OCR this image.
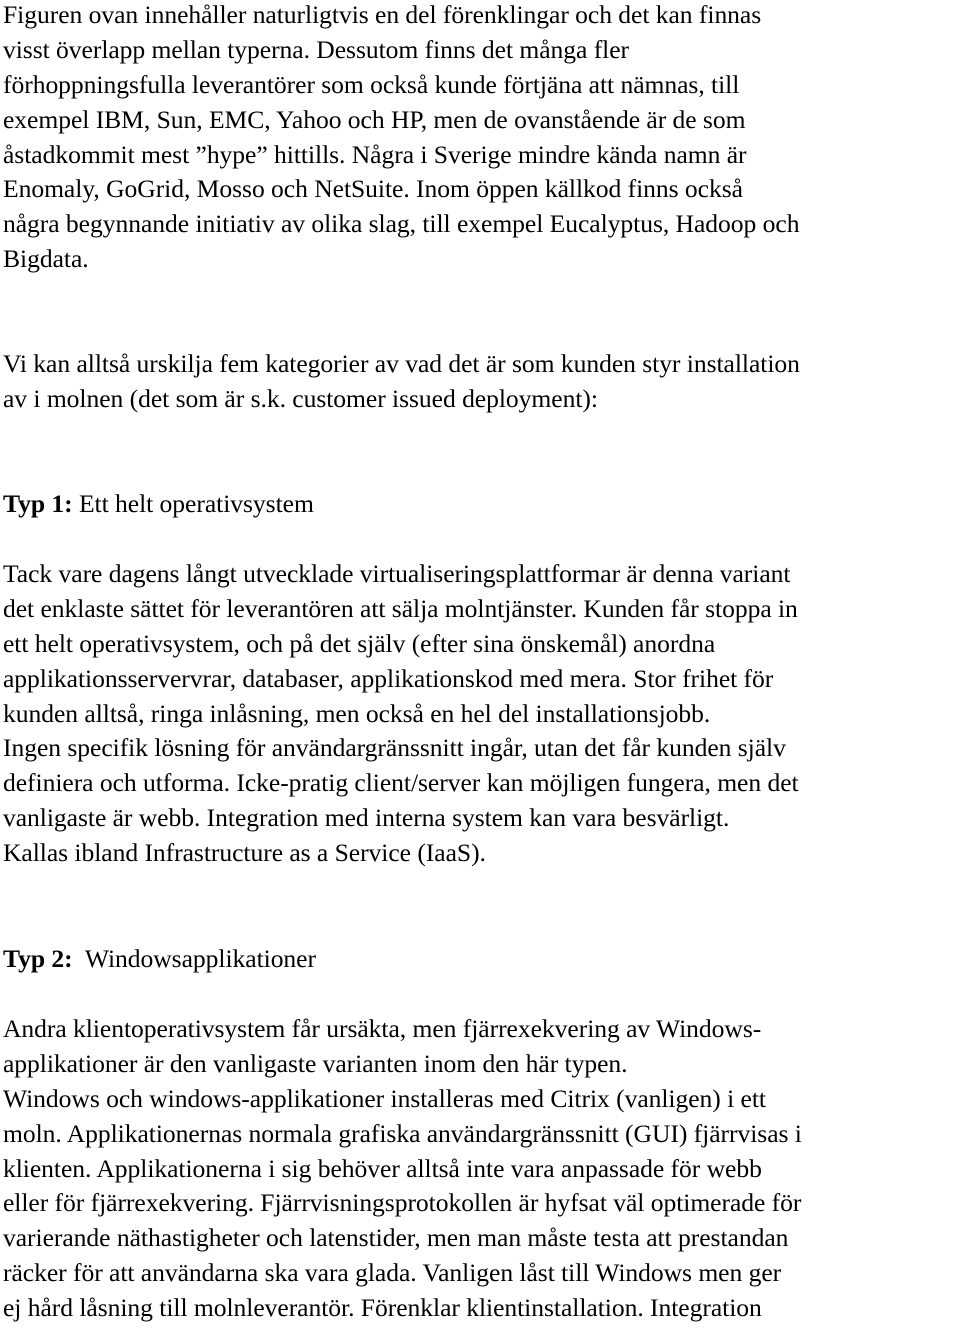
Figuren ovan innehåller naturligtvis en del förenklingar och det kan finnas
visst överlapp mellan typerna. Dessutom finns det många fler
förhoppningsfulla leverantörer som också kunde förtjäna att nämnas, till
exempel IBM, Sun, EMC, Yahoo och HP, men de ovanstående är de som
åstadkommit mest ”hype” hittills. Några i Sverige mindre kända namn är
Enomaly, GoGrid, Mosso och NetSuite. Inom öppen källkod finns också
några begynnande initiativ av olika slag, till exempel Eucalyptus, Hadoop och
Bigdata.
Vi kan alltså urskilja fem kategorier av vad det är som kunden styr installation
av i molnen (det som är s.k. customer issued deployment):
Typ 1: Ett helt operativsystem
Tack vare dagens långt utvecklade virtualiseringsplattformar är denna variant
det enklaste sättet för leverantören att sälja molntjänster. Kunden får stoppa in
ett helt operativsystem, och på det själv (efter sina önskemål) anordna
applikationsservervrar, databaser, applikationskod med mera. Stor frihet för
kunden alltså, ringa inlåsning, men också en hel del installationsjobb.
Ingen specifik lösning för användargränssnitt ingår, utan det får kunden själv
definiera och utforma. Icke-pratig client/server kan möjligen fungera, men det
vanligaste är webb. Integration med interna system kan vara besvärligt.
Kallas ibland Infrastructure as a Service (IaaS).
Typ 2:  Windowsapplikationer
Andra klientoperativsystem får ursäkta, men fjärrexekvering av Windows-
applikationer är den vanligaste varianten inom den här typen.
Windows och windows-applikationer installeras med Citrix (vanligen) i ett
moln. Applikationernas normala grafiska användargränssnitt (GUI) fjärrvisas i
klienten. Applikationerna i sig behöver alltså inte vara anpassade för webb
eller för fjärrexekvering. Fjärrvisningsprotokollen är hyfsat väl optimerade för
varierande näthastigheter och latenstider, men man måste testa att prestandan
räcker för att användarna ska vara glada. Vanligen låst till Windows men ger
ej hård låsning till molnleverantör. Förenklar klientinstallation. Integration
